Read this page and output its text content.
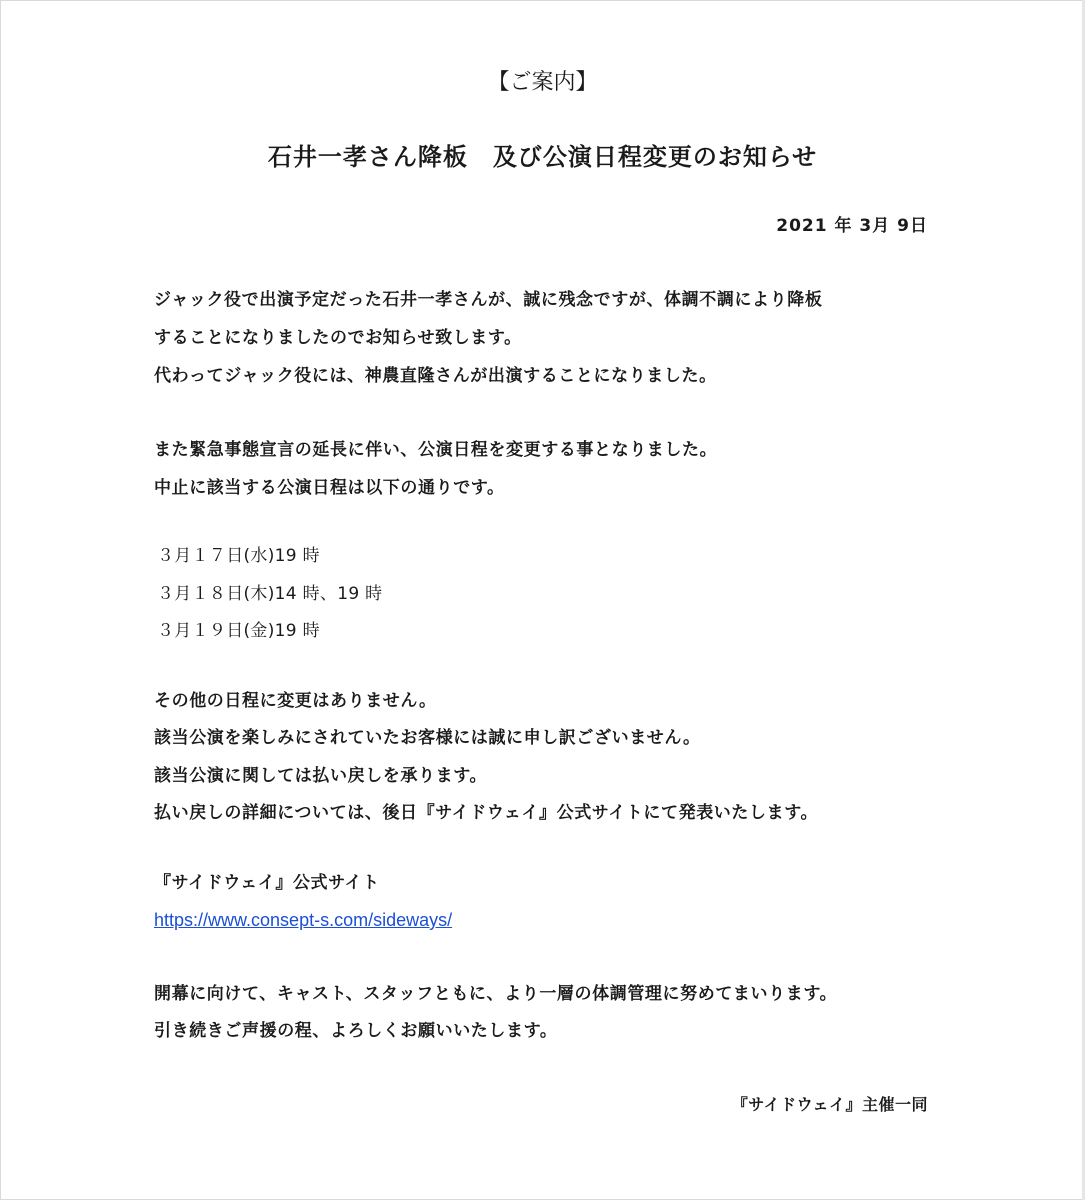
【ご案内】
石井一孝さん降板　及び公演日程変更のお知らせ
2021 年 3月 9日
ジャック役で出演予定だった石井一孝さんが、誠に残念ですが、体調不調により降板
することになりましたのでお知らせ致します。
代わってジャック役には、神農直隆さんが出演することになりました。
また緊急事態宣言の延長に伴い、公演日程を変更する事となりました。
中止に該当する公演日程は以下の通りです。
３月１７日(水)19 時
３月１８日(木)14 時、19 時
３月１９日(金)19 時
その他の日程に変更はありません。
該当公演を楽しみにされていたお客様には誠に申し訳ございません。
該当公演に関しては払い戻しを承ります。
払い戻しの詳細については、後日『サイドウェイ』公式サイトにて発表いたします。
『サイドウェイ』公式サイト
https://www.consept-s.com/sideways/
開幕に向けて、キャスト、スタッフともに、より一層の体調管理に努めてまいります。
引き続きご声援の程、よろしくお願いいたします。
『サイドウェイ』主催一同
